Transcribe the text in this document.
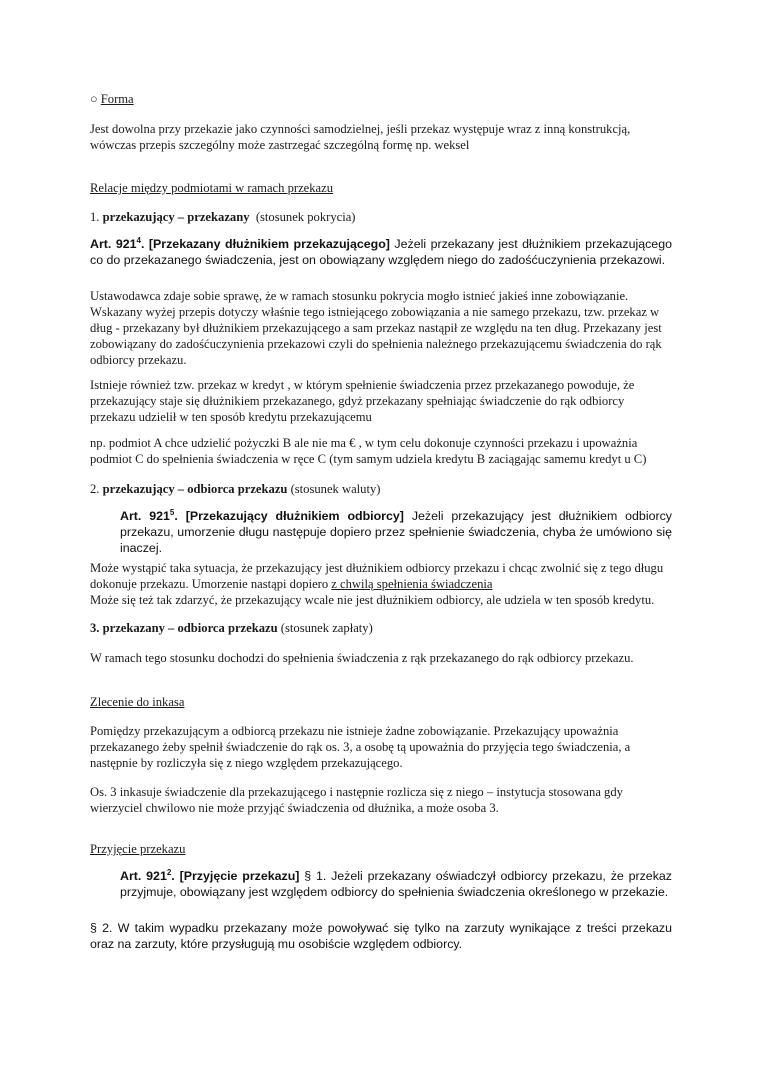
○ Forma

Jest dowolna przy przekazie jako czynności samodzielnej, jeśli przekaz występuje wraz z inną konstrukcją, wówczas przepis szczególny może zastrzegać szczególną formę np. weksel

Relacje między podmiotami w ramach przekazu

1. przekazujący – przekazany (stosunek pokrycia)

Art. $921^4$. [Przekazany dłużnikiem przekazującego] Jeżeli przekazany jest dłużnikiem przekazującego co do przekazanego świadczenia, jest on obowiązany względem niego do zadośćuczynienia przekazowi.

Ustawodawca zdaje sobie sprawę, że w ramach stosunku pokrycia mogło istnieć jakieś inne zobowiązanie. Wskazany wyżej przepis dotyczy właśnie tego istniejącego zobowiązania a nie samego przekazu, tzw. przekaz w dług - przekazany był dłużnikiem przekazującego a sam przekaz nastąpił ze względu na ten dług. Przekazany jest zobowiązany do zadośćuczynienia przekazowi czyli do spełnienia należnego przekazującemu świadczenia do rąk odbiorcy przekazu.

Istnieje również tzw. przekaz w kredyt , w którym spełnienie świadczenia przez przekazanego powoduje, że przekazujący staje się dłużnikiem przekazanego, gdyż przekazany spełniając świadczenie do rąk odbiorcy przekazu udzielił w ten sposób kredytu przekazującemu

np. podmiot A chce udzielić pożyczki B ale nie ma € , w tym celu dokonuje czynności przekazu i upoważnia podmiot C do spełnienia świadczenia w ręce C (tym samym udziela kredytu B zaciągając samemu kredyt u C)

2. przekazujący – odbiorca przekazu (stosunek waluty)

Art. $921^5$. [Przekazujący dłużnikiem odbiorcy] Jeżeli przekazujący jest dłużnikiem odbiorcy przekazu, umorzenie długu następuje dopiero przez spełnienie świadczenia, chyba że umówiono się inaczej.

Może wystąpić taka sytuacja, że przekazujący jest dłużnikiem odbiorcy przekazu i chcąc zwolnić się z tego długu dokonuje przekazu. Umorzenie nastąpi dopiero z chwilą spełnienia świadczenia

Może się też tak zdarzyć, że przekazujący wcale nie jest dłużnikiem odbiorcy, ale udziela w ten sposób kredytu.

3. przekazany – odbiorca przekazu (stosunek zapłaty)

W ramach tego stosunku dochodzi do spełnienia świadczenia z rąk przekazanego do rąk odbiorcy przekazu.

Zlecenie do inkasa

Pomiędzy przekazującym a odbiorcą przekazu nie istnieje żadne zobowiązanie. Przekazujący upoważnia przekazanego żeby spełnił świadczenie do rąk os. 3, a osobę tą upoważnia do przyjęcia tego świadczenia, a następnie by rozliczyła się z niego względem przekazującego.

Os. 3 inkasuje świadczenie dla przekazującego i następnie rozlicza się z niego – instytucja stosowana gdy wierzyciel chwilowo nie może przyjąć świadczenia od dłużnika, a może osoba 3.

Przyjęcie przekazu

Art. $921^2$. [Przyjęcie przekazu] § 1. Jeżeli przekazany oświadczył odbiorcy przekazu, że przekaz przyjmuje, obowiązany jest względem odbiorcy do spełnienia świadczenia określonego w przekazie.

§ 2. W takim wypadku przekazany może powoływać się tylko na zarzuty wynikające z treści przekazu oraz na zarzuty, które przysługują mu osobiście względem odbiorcy.
